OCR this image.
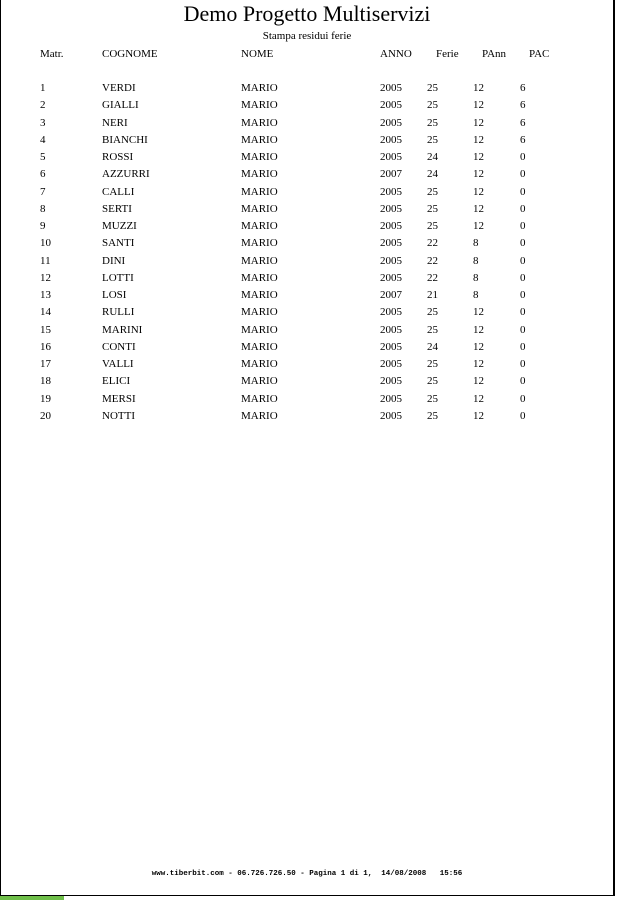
Demo Progetto Multiservizi
Stampa residui ferie
Matr.	COGNOME	NOME	ANNO Ferie PAnn PAC
1	VERDI	MARIO	2005 25	12	6
2	GIALLI	MARIO	2005 25	12	6
3	NERI	MARIO	2005 25	12	6
4	BIANCHI	MARIO	2005 25	12	6
5	ROSSI	MARIO	2005 24	12	0
6	AZZURRI	MARIO	2007 24	12	0
7	CALLI	MARIO	2005 25	12	0
8	SERTI	MARIO	2005 25	12	0
9	MUZZI	MARIO	2005 25	12	0
10	SANTI	MARIO	2005 22	8	0
11	DINI	MARIO	2005 22	8	0
12	LOTTI	MARIO	2005 22	8	0
13	LOSI	MARIO	2007 21	8	0
14	RULLI	MARIO	2005 25	12	0
15	MARINI	MARIO	2005 25	12	0
16	CONTI	MARIO	2005 24	12	0
17	VALLI	MARIO	2005 25	12	0
18	ELICI	MARIO	2005 25	12	0
19	MERSI	MARIO	2005 25	12	0
20	NOTTI	MARIO	2005 25	12	0
www.tiberbit.com - 06.726.726.50 - Pagina 1 di 1,  14/08/2008   15:56
